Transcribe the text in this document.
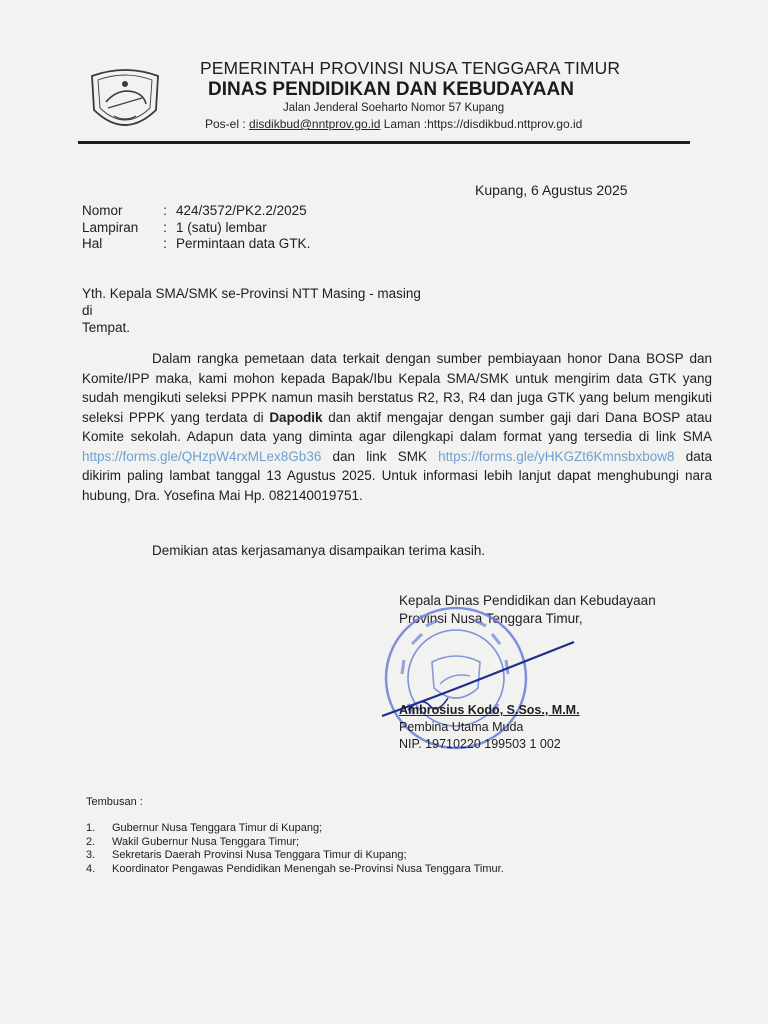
PEMERINTAH PROVINSI NUSA TENGGARA TIMUR
DINAS PENDIDIKAN DAN KEBUDAYAAN
Jalan Jenderal Soeharto Nomor 57 Kupang
Pos-el : disdikbud@nntprov.go.id Laman :https://disdikbud.nttprov.go.id
Kupang, 6 Agustus 2025
Nomor	: 424/3572/PK2.2/2025
Lampiran	: 1 (satu) lembar
Hal	: Permintaan data GTK.
Yth. Kepala SMA/SMK se-Provinsi NTT Masing - masing
di
Tempat.

Dalam rangka pemetaan data terkait dengan sumber pembiayaan honor Dana BOSP dan Komite/IPP maka, kami mohon kepada Bapak/Ibu Kepala SMA/SMK untuk mengirim data GTK yang sudah mengikuti seleksi PPPK namun masih berstatus R2, R3, R4 dan juga GTK yang belum mengikuti seleksi PPPK yang terdata di Dapodik dan aktif mengajar dengan sumber gaji dari Dana BOSP atau Komite sekolah. Adapun data yang diminta agar dilengkapi dalam format yang tersedia di link SMA https://forms.gle/QHzpW4rxMLex8Gb36 dan link SMK https://forms.gle/yHKGZt6Kmnsbxbow8 data dikirim paling lambat tanggal 13 Agustus 2025. Untuk informasi lebih lanjut dapat menghubungi nara hubung, Dra. Yosefina Mai Hp. 082140019751.

Demikian atas kerjasamanya disampaikan terima kasih.
Kepala Dinas Pendidikan dan Kebudayaan
Provinsi Nusa Tenggara Timur,
Ambrosius Kodo, S.Sos., M.M.
Pembina Utama Muda
NIP. 19710220 199503 1 002
Tembusan :
1.	Gubernur Nusa Tenggara Timur di Kupang;
2.	Wakil Gubernur Nusa Tenggara Timur;
3.	Sekretaris Daerah Provinsi Nusa Tenggara Timur di Kupang;
4.	Koordinator Pengawas Pendidikan Menengah se-Provinsi Nusa Tenggara Timur.
